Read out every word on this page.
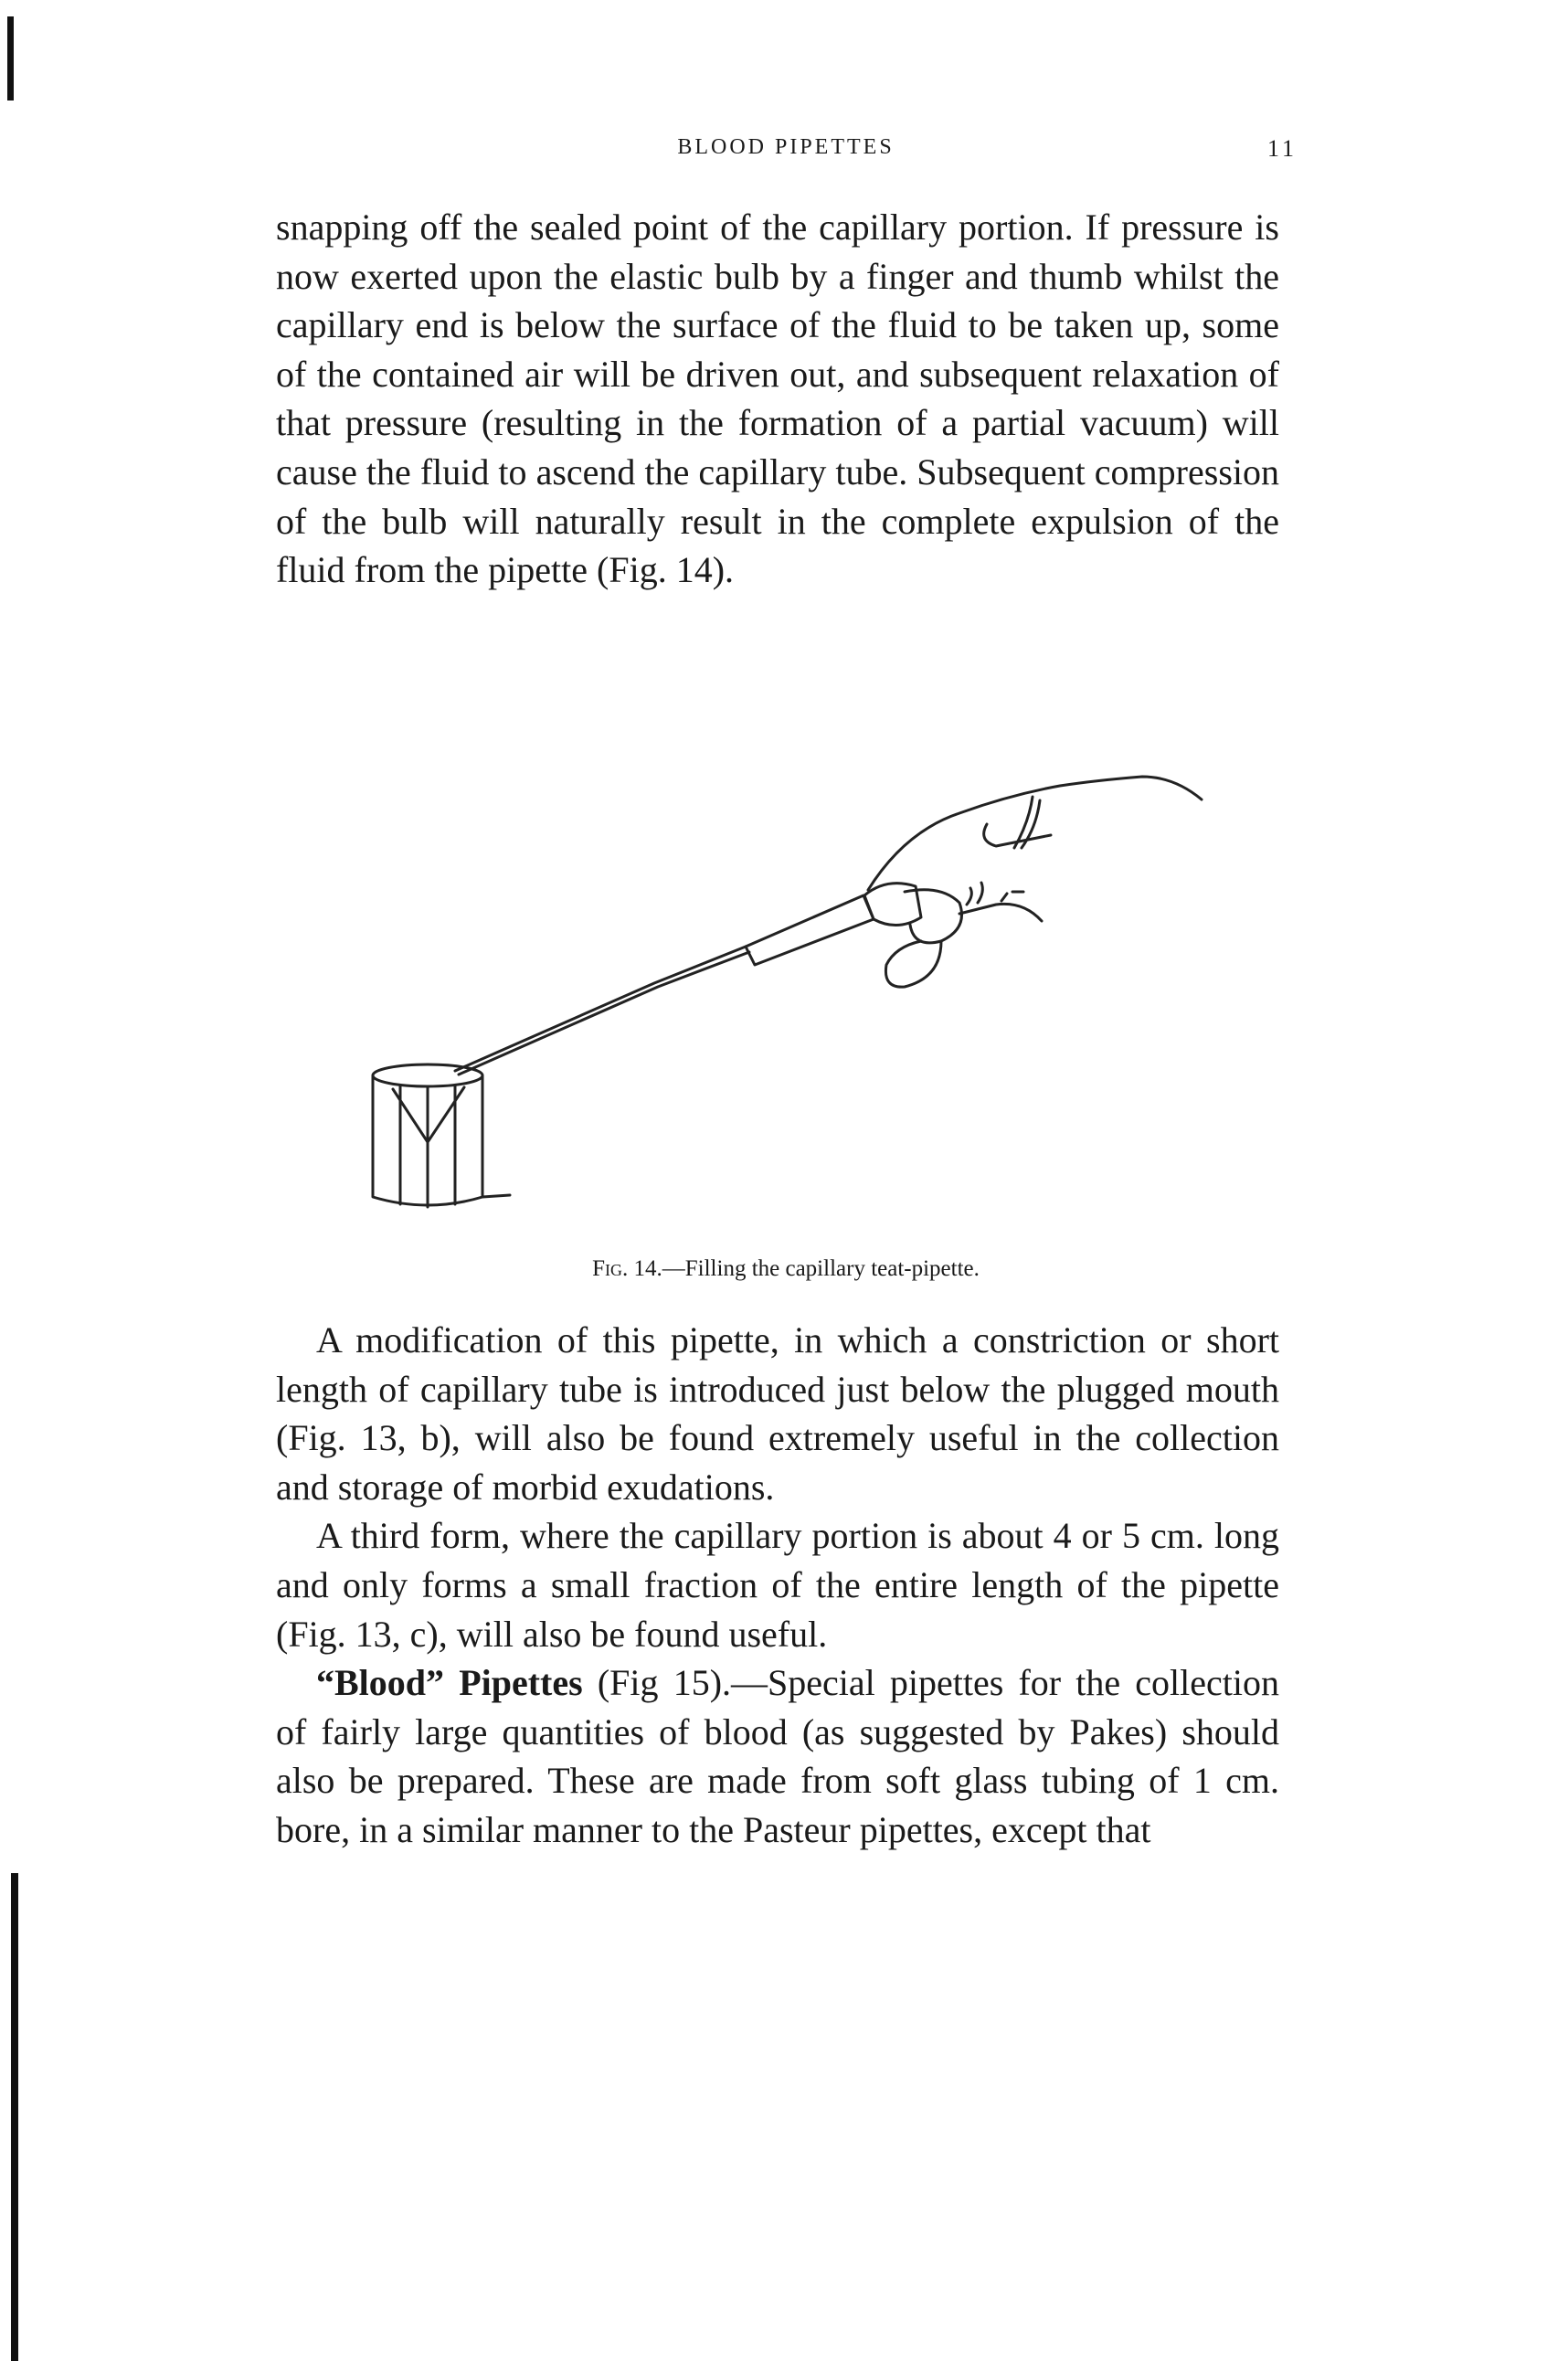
BLOOD PIPETTES	11

snapping off the sealed point of the capillary portion. If pressure is now exerted upon the elastic bulb by a finger and thumb whilst the capillary end is below the surface of the fluid to be taken up, some of the contained air will be driven out, and subsequent relaxation of that pressure (resulting in the formation of a partial vacuum) will cause the fluid to ascend the capillary tube. Subsequent compression of the bulb will naturally result in the complete expulsion of the fluid from the pipette (Fig. 14).

Fig. 14.—Filling the capillary teat-pipette.

A modification of this pipette, in which a constriction or short length of capillary tube is introduced just below the plugged mouth (Fig. 13, b), will also be found extremely useful in the collection and storage of morbid exudations.

A third form, where the capillary portion is about 4 or 5 cm. long and only forms a small fraction of the entire length of the pipette (Fig. 13, c), will also be found useful.

“Blood” Pipettes (Fig 15).—Special pipettes for the collection of fairly large quantities of blood (as suggested by Pakes) should also be prepared. These are made from soft glass tubing of 1 cm. bore, in a similar manner to the Pasteur pipettes, except that
